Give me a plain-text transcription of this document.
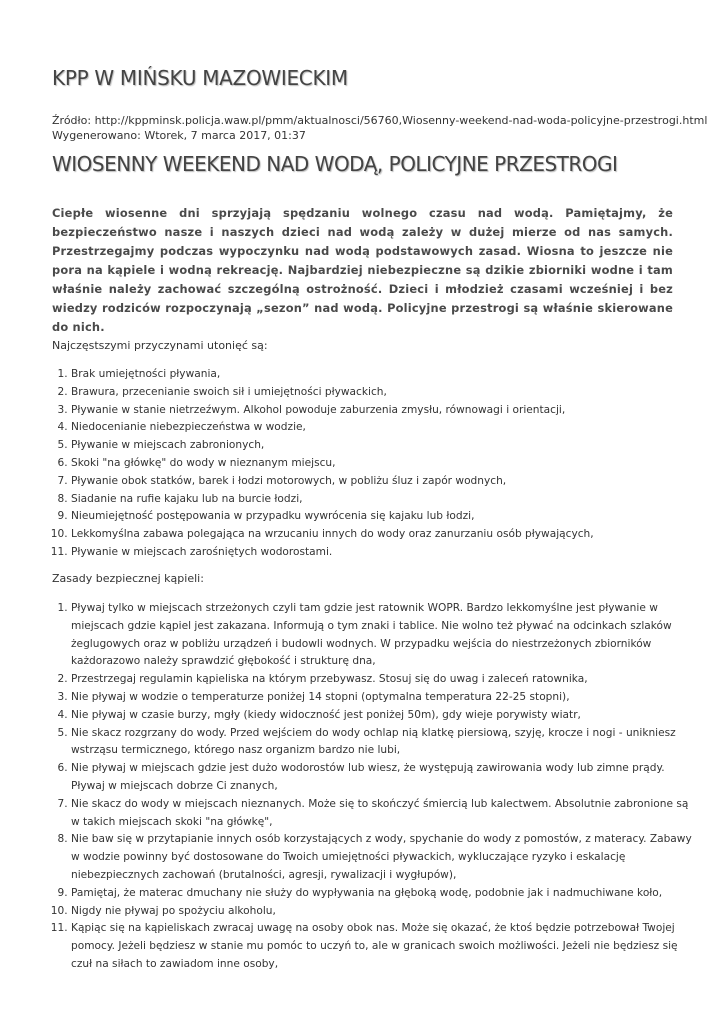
KPP W MIŃSKU MAZOWIECKIM
Źródło: http://kppminsk.policja.waw.pl/pmm/aktualnosci/56760,Wiosenny-weekend-nad-woda-policyjne-przestrogi.html
Wygenerowano: Wtorek, 7 marca 2017, 01:37
WIOSENNY WEEKEND NAD WODĄ, POLICYJNE PRZESTROGI

Ciepłe wiosenne dni sprzyjają spędzaniu wolnego czasu nad wodą. Pamiętajmy, że bezpieczeństwo nasze i naszych dzieci nad wodą zależy w dużej mierze od nas samych. Przestrzegajmy podczas wypoczynku nad wodą podstawowych zasad. Wiosna to jeszcze nie pora na kąpiele i wodną rekreację. Najbardziej niebezpieczne są dzikie zbiorniki wodne i tam właśnie należy zachować szczególną ostrożność. Dzieci i młodzież czasami wcześniej i bez wiedzy rodziców rozpoczynają „sezon” nad wodą. Policyjne przestrogi są właśnie skierowane do nich.

Najczęstszymi przyczynami utonięć są:

1. Brak umiejętności pływania,
2. Brawura, przecenianie swoich sił i umiejętności pływackich,
3. Pływanie w stanie nietrzeźwym. Alkohol powoduje zaburzenia zmysłu, równowagi i orientacji,
4. Niedocenianie niebezpieczeństwa w wodzie,
5. Pływanie w miejscach zabronionych,
6. Skoki "na główkę" do wody w nieznanym miejscu,
7. Pływanie obok statków, barek i łodzi motorowych, w pobliżu śluz i zapór wodnych,
8. Siadanie na rufie kajaku lub na burcie łodzi,
9. Nieumiejętność postępowania w przypadku wywrócenia się kajaku lub łodzi,
10. Lekkomyślna zabawa polegająca na wrzucaniu innych do wody oraz zanurzaniu osób pływających,
11. Pływanie w miejscach zarośniętych wodorostami.

Zasady bezpiecznej kąpieli:

1. Pływaj tylko w miejscach strzeżonych czyli tam gdzie jest ratownik WOPR. Bardzo lekkomyślne jest pływanie w miejscach gdzie kąpiel jest zakazana. Informują o tym znaki i tablice. Nie wolno też pływać na odcinkach szlaków żeglugowych oraz w pobliżu urządzeń i budowli wodnych. W przypadku wejścia do niestrzeżonych zbiorników każdorazowo należy sprawdzić głębokość i strukturę dna,
2. Przestrzegaj regulamin kąpieliska na którym przebywasz. Stosuj się do uwag i zaleceń ratownika,
3. Nie pływaj w wodzie o temperaturze poniżej 14 stopni (optymalna temperatura 22-25 stopni),
4. Nie pływaj w czasie burzy, mgły (kiedy widoczność jest poniżej 50m), gdy wieje porywisty wiatr,
5. Nie skacz rozgrzany do wody. Przed wejściem do wody ochlap nią klatkę piersiową, szyję, krocze i nogi - unikniesz wstrząsu termicznego, którego nasz organizm bardzo nie lubi,
6. Nie pływaj w miejscach gdzie jest dużo wodorostów lub wiesz, że występują zawirowania wody lub zimne prądy. Pływaj w miejscach dobrze Ci znanych,
7. Nie skacz do wody w miejscach nieznanych. Może się to skończyć śmiercią lub kalectwem. Absolutnie zabronione są w takich miejscach skoki "na główkę",
8. Nie baw się w przytapianie innych osób korzystających z wody, spychanie do wody z pomostów, z materacy. Zabawy w wodzie powinny być dostosowane do Twoich umiejętności pływackich, wykluczające ryzyko i eskalację niebezpiecznych zachowań (brutalności, agresji, rywalizacji i wygłupów),
9. Pamiętaj, że materac dmuchany nie służy do wypływania na głęboką wodę, podobnie jak i nadmuchiwane koło,
10. Nigdy nie pływaj po spożyciu alkoholu,
11. Kąpiąc się na kąpieliskach zwracaj uwagę na osoby obok nas. Może się okazać, że ktoś będzie potrzebował Twojej pomocy. Jeżeli będziesz w stanie mu pomóc to uczyń to, ale w granicach swoich możliwości. Jeżeli nie będziesz się czuł na siłach to zawiadom inne osoby,
